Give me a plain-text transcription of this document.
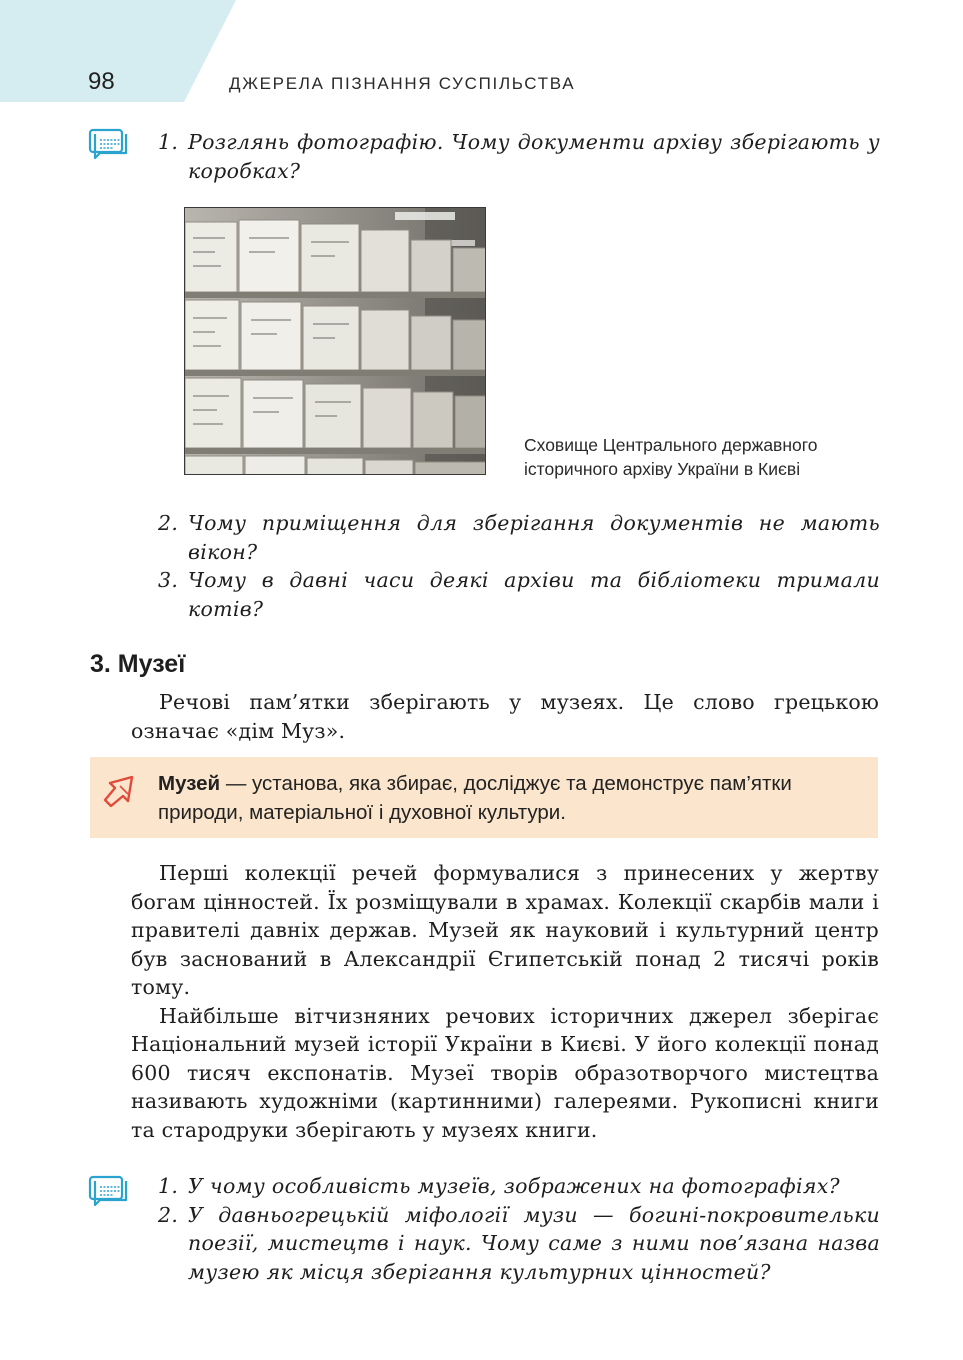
98	ДЖЕРЕЛА ПІЗНАННЯ СУСПІЛЬСТВА
1. Розглянь фотографію. Чому документи архіву зберігають у коробках?
Сховище Центрального державного історичного архіву України в Києві
2. Чому приміщення для зберігання документів не мають вікон?
3. Чому в давні часи деякі архіви та бібліотеки тримали котів?
3. Музеї

Речові пам’ятки зберігають у музеях. Це слово грецькою означає «дім Муз».

Музей — установа, яка збирає, досліджує та демонструє пам’ятки природи, матеріальної і духовної культури.

Перші колекції речей формувалися з принесених у жертву богам цінностей. Їх розміщували в храмах. Колекції скарбів мали і правителі давніх держав. Музей як науковий і культурний центр був заснований в Александрії Єгипетській понад 2 тисячі років тому.

Найбільше вітчизняних речових історичних джерел зберігає Національний музей історії України в Києві. У його колекції понад 600 тисяч експонатів. Музеї творів образотворчого мистецтва називають художніми (картинними) галереями. Рукописні книги та стародруки зберігають у музеях книги.

1. У чому особливість музеїв, зображених на фотографіях?
2. У давньогрецькій міфології музи — богині-покровительки поезії, мистецтв і наук. Чому саме з ними пов’язана назва музею як місця зберігання культурних цінностей?
